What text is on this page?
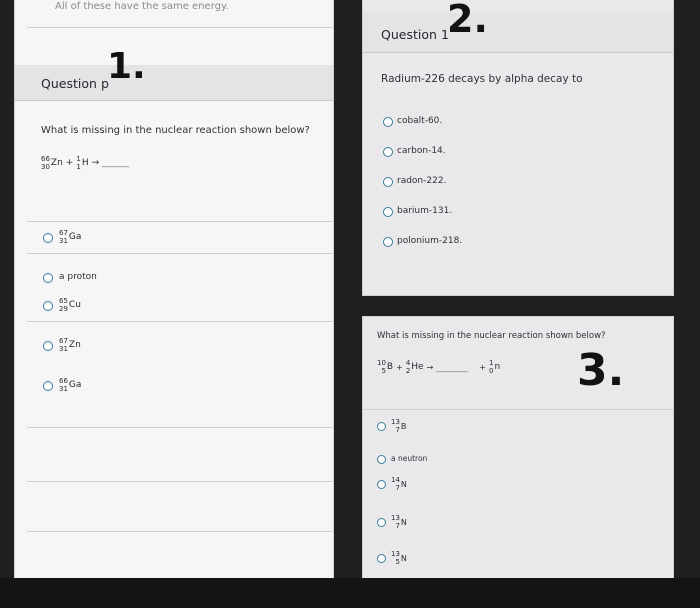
All of these have the same energy.
Question p
1.
What is missing in the nuclear reaction shown below?
66
30 Zn + 1
1 H → ______
67
31 Ga
a proton
65
29 Cu
67
31 Zn
66
31 Ga
Question 1
2.
Radium-226 decays by alpha decay to
cobalt-60.
carbon-14.
radon-222.
barium-131.
polonium-218.
What is missing in the nuclear reaction shown below?
3.
10
5 B + 4
2 He → ________ + 1
0 n
13
7 B
a neutron
14
7 N
13
7 N
13
5 N
